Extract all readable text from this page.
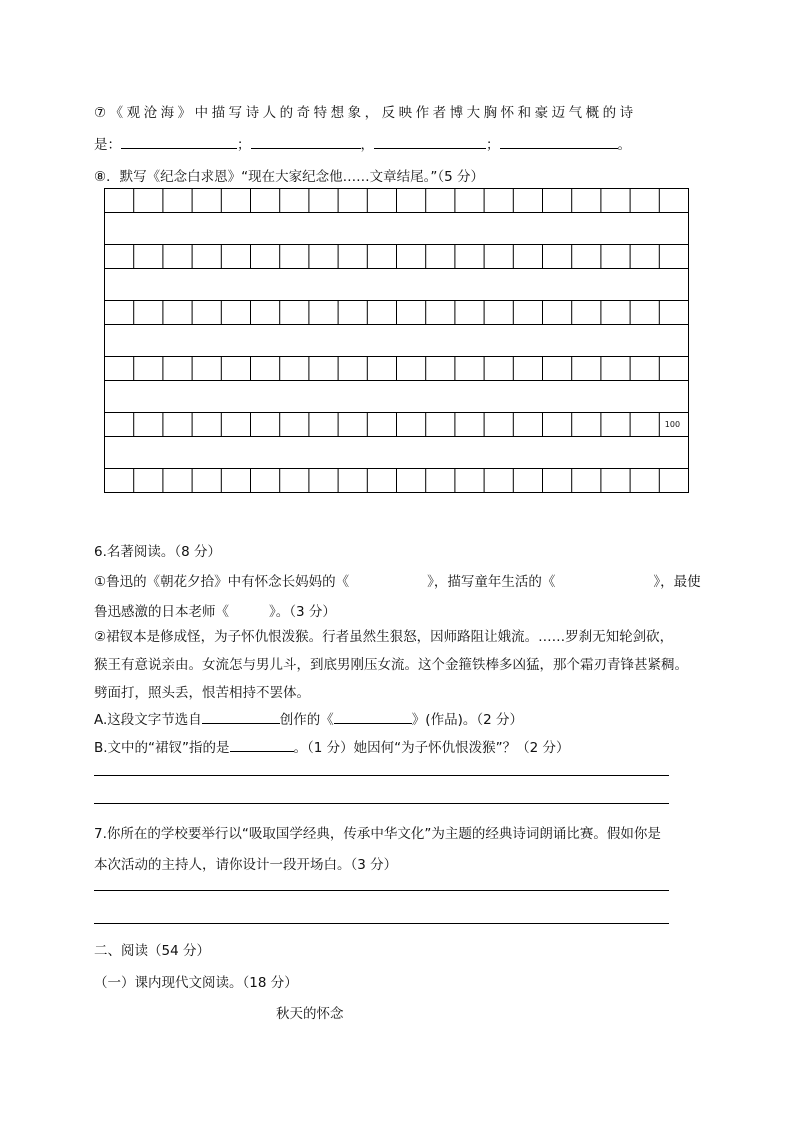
⑦《观沧海》中描写诗人的奇特想象，反映作者博大胸怀和豪迈气概的诗
是：	；	，	；	。
⑧．默写《纪念白求恩》“现在大家纪念他……文章结尾。”（5 分）
100
6.名著阅读。（8 分）
①鲁迅的《朝花夕拾》中有怀念长妈妈的《	》，描写童年生活的《	》，最使
鲁迅感激的日本老师《	》。（3 分）
②裙钗本是修成怪，为子怀仇恨泼猴。行者虽然生狠怒，因师路阻让娥流。……罗刹无知轮剑砍，
猴王有意说亲由。女流怎与男儿斗，到底男刚压女流。这个金箍铁棒多凶猛，那个霜刃青锋甚紧稠。
劈面打，照头丢，恨苦相持不罢体。
A.这段文字节选自	创作的《	》(作品)。（2 分）
B.文中的“裙钗”指的是	。（1 分）她因何“为子怀仇恨泼猴”？（2 分）
7.你所在的学校要举行以“吸取国学经典，传承中华文化”为主题的经典诗词朗诵比赛。假如你是
本次活动的主持人，请你设计一段开场白。（3 分）
二、阅读（54 分）
（一）课内现代文阅读。（18 分）
秋天的怀念
